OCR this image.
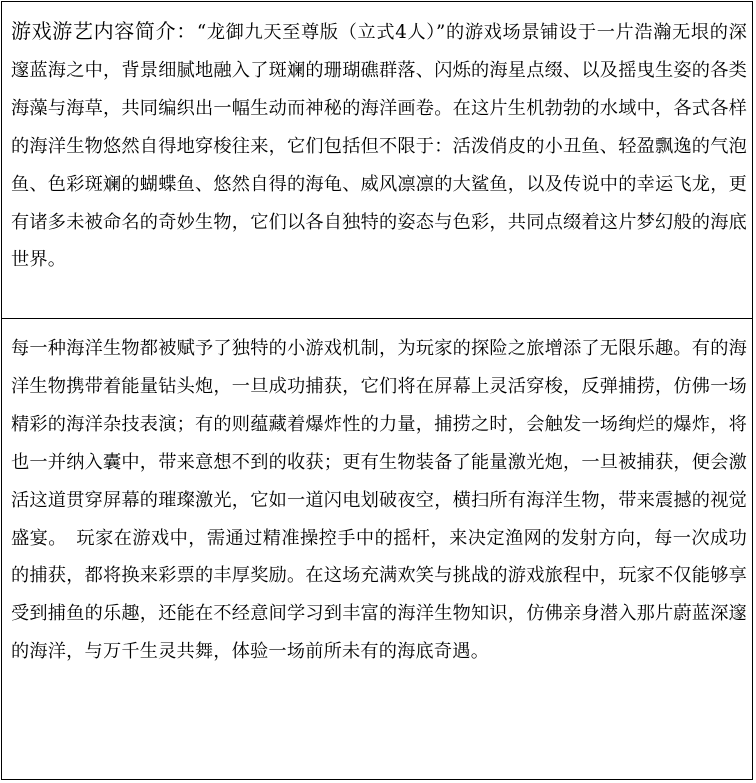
游戏游艺内容简介：“龙御九天至尊版（立式4人）”的游戏场景铺设于一片浩瀚无垠的深邃蓝海之中，背景细腻地融入了斑斓的珊瑚礁群落、闪烁的海星点缀、以及摇曳生姿的各类海藻与海草，共同编织出一幅生动而神秘的海洋画卷。在这片生机勃勃的水域中，各式各样的海洋生物悠然自得地穿梭往来，它们包括但不限于：活泼俏皮的小丑鱼、轻盈飘逸的气泡鱼、色彩斑斓的蝴蝶鱼、悠然自得的海龟、威风凛凛的大鲨鱼，以及传说中的幸运飞龙，更有诸多未被命名的奇妙生物，它们以各自独特的姿态与色彩，共同点缀着这片梦幻般的海底世界。

每一种海洋生物都被赋予了独特的小游戏机制，为玩家的探险之旅增添了无限乐趣。有的海洋生物携带着能量钻头炮，一旦成功捕获，它们将在屏幕上灵活穿梭，反弹捕捞，仿佛一场精彩的海洋杂技表演；有的则蕴藏着爆炸性的力量，捕捞之时，会触发一场绚烂的爆炸，将也一并纳入囊中，带来意想不到的收获；更有生物装备了能量激光炮，一旦被捕获，便会激活这道贯穿屏幕的璀璨激光，它如一道闪电划破夜空，横扫所有海洋生物，带来震撼的视觉盛宴。　玩家在游戏中，需通过精准操控手中的摇杆，来决定渔网的发射方向，每一次成功的捕获，都将换来彩票的丰厚奖励。在这场充满欢笑与挑战的游戏旅程中，玩家不仅能够享受到捕鱼的乐趣，还能在不经意间学习到丰富的海洋生物知识，仿佛亲身潜入那片蔚蓝深邃的海洋，与万千生灵共舞，体验一场前所未有的海底奇遇。
